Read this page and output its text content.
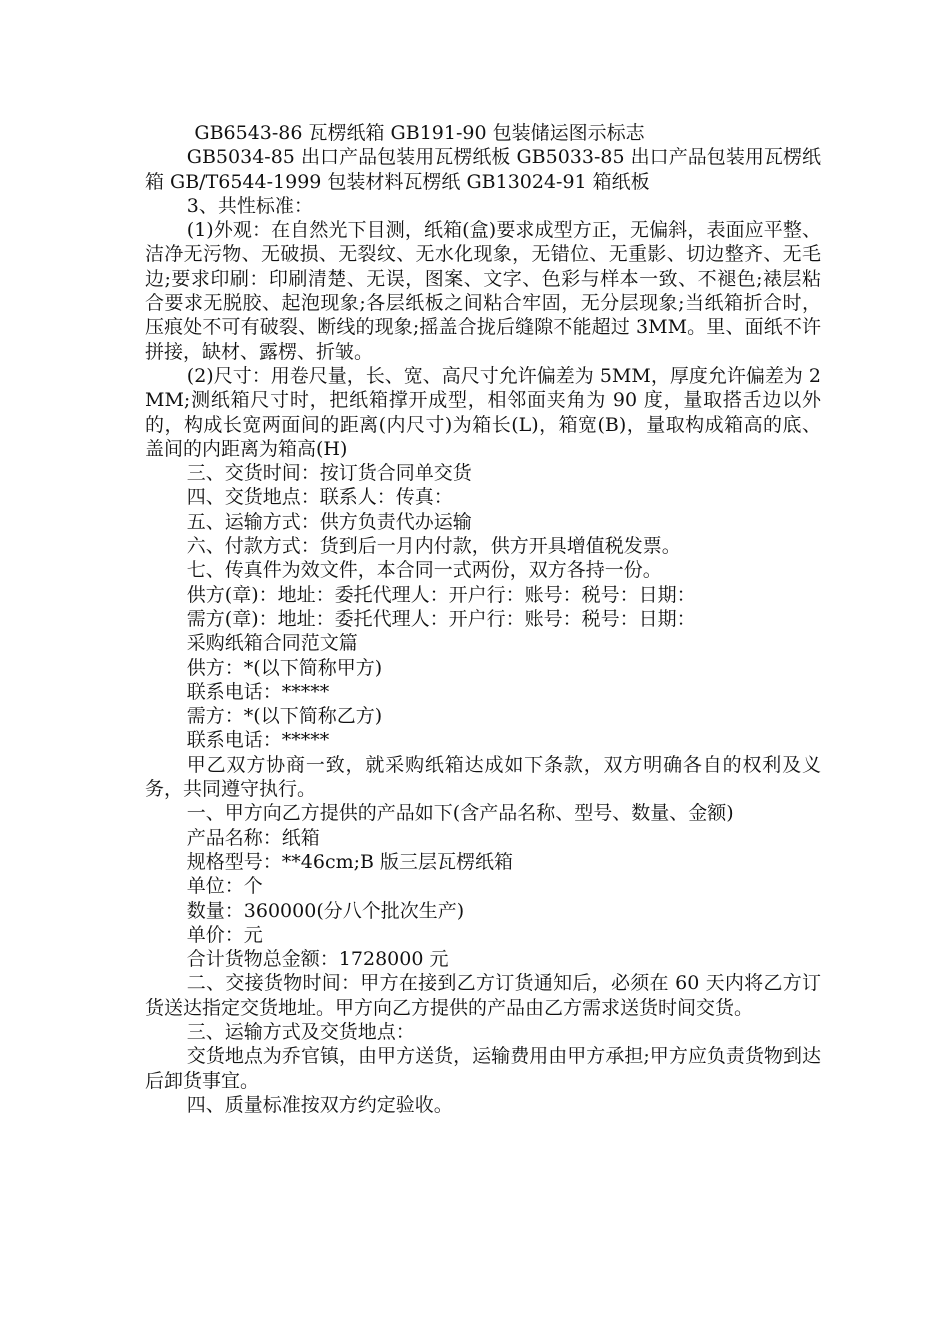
GB6543-86 瓦楞纸箱 GB191-90 包装储运图示标志

GB5034-85 出口产品包装用瓦楞纸板 GB5033-85 出口产品包装用瓦楞纸箱 GB/T6544-1999 包装材料瓦楞纸 GB13024-91 箱纸板

3、共性标准：

(1)外观：在自然光下目测，纸箱(盒)要求成型方正，无偏斜，表面应平整、洁净无污物、无破损、无裂纹、无水化现象，无错位、无重影、切边整齐、无毛边;要求印刷：印刷清楚、无误，图案、文字、色彩与样本一致、不褪色;裱层粘合要求无脱胶、起泡现象;各层纸板之间粘合牢固，无分层现象;当纸箱折合时，压痕处不可有破裂、断线的现象;摇盖合拢后缝隙不能超过 3MM。里、面纸不许拼接，缺材、露楞、折皱。

(2)尺寸：用卷尺量，长、宽、高尺寸允许偏差为 5MM，厚度允许偏差为 2MM;测纸箱尺寸时，把纸箱撑开成型，相邻面夹角为 90 度，量取搭舌边以外的，构成长宽两面间的距离(内尺寸)为箱长(L)，箱宽(B)，量取构成箱高的底、盖间的内距离为箱高(H)

三、交货时间：按订货合同单交货

四、交货地点：联系人：传真：

五、运输方式：供方负责代办运输

六、付款方式：货到后一月内付款，供方开具增值税发票。

七、传真件为效文件，本合同一式两份，双方各持一份。

供方(章)：地址：委托代理人：开户行：账号：税号：日期：

需方(章)：地址：委托代理人：开户行：账号：税号：日期：

采购纸箱合同范文篇

供方：*(以下简称甲方)

联系电话：*****

需方：*(以下简称乙方)

联系电话：*****

甲乙双方协商一致，就采购纸箱达成如下条款，双方明确各自的权利及义务，共同遵守执行。

一、甲方向乙方提供的产品如下(含产品名称、型号、数量、金额)

产品名称：纸箱

规格型号：**46cm;B 版三层瓦楞纸箱

单位：个

数量：360000(分八个批次生产)

单价：元

合计货物总金额：1728000 元

二、交接货物时间：甲方在接到乙方订货通知后，必须在 60 天内将乙方订货送达指定交货地址。甲方向乙方提供的产品由乙方需求送货时间交货。

三、运输方式及交货地点：

交货地点为乔官镇，由甲方送货，运输费用由甲方承担;甲方应负责货物到达后卸货事宜。

四、质量标准按双方约定验收。
